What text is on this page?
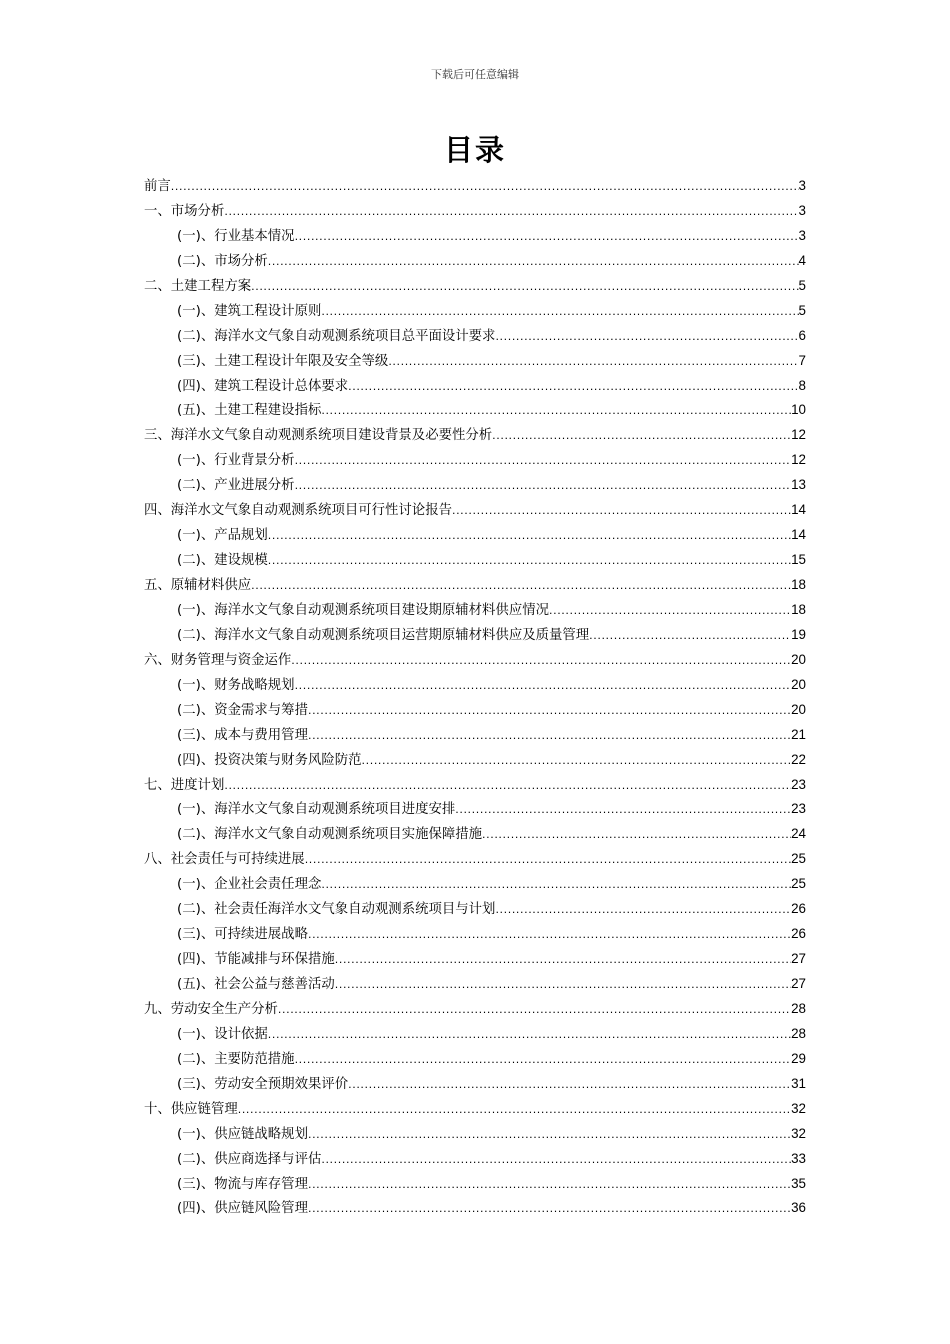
下载后可任意编辑
目录
前言 .....	3
一、市场分析 .....	3
(一)、行业基本情况 .....	3
(二)、市场分析 .....	4
二、土建工程方案 .....	5
(一)、建筑工程设计原则 .....	5
(二)、海洋水文气象自动观测系统项目总平面设计要求 .....	6
(三)、土建工程设计年限及安全等级 .....	7
(四)、建筑工程设计总体要求 .....	8
(五)、土建工程建设指标 .....	10
三、海洋水文气象自动观测系统项目建设背景及必要性分析 .....	12
(一)、行业背景分析 .....	12
(二)、产业进展分析 .....	13
四、海洋水文气象自动观测系统项目可行性讨论报告 .....	14
(一)、产品规划 .....	14
(二)、建设规模 .....	15
五、原辅材料供应 .....	18
(一)、海洋水文气象自动观测系统项目建设期原辅材料供应情况 .....	18
(二)、海洋水文气象自动观测系统项目运营期原辅材料供应及质量管理 .....	19
六、财务管理与资金运作 .....	20
(一)、财务战略规划 .....	20
(二)、资金需求与筹措 .....	20
(三)、成本与费用管理 .....	21
(四)、投资决策与财务风险防范 .....	22
七、进度计划 .....	23
(一)、海洋水文气象自动观测系统项目进度安排 .....	23
(二)、海洋水文气象自动观测系统项目实施保障措施 .....	24
八、社会责任与可持续进展 .....	25
(一)、企业社会责任理念 .....	25
(二)、社会责任海洋水文气象自动观测系统项目与计划 .....	26
(三)、可持续进展战略 .....	26
(四)、节能减排与环保措施 .....	27
(五)、社会公益与慈善活动 .....	27
九、劳动安全生产分析 .....	28
(一)、设计依据 .....	28
(二)、主要防范措施 .....	29
(三)、劳动安全预期效果评价 .....	31
十、供应链管理 .....	32
(一)、供应链战略规划 .....	32
(二)、供应商选择与评估 .....	33
(三)、物流与库存管理 .....	35
(四)、供应链风险管理 .....	36
